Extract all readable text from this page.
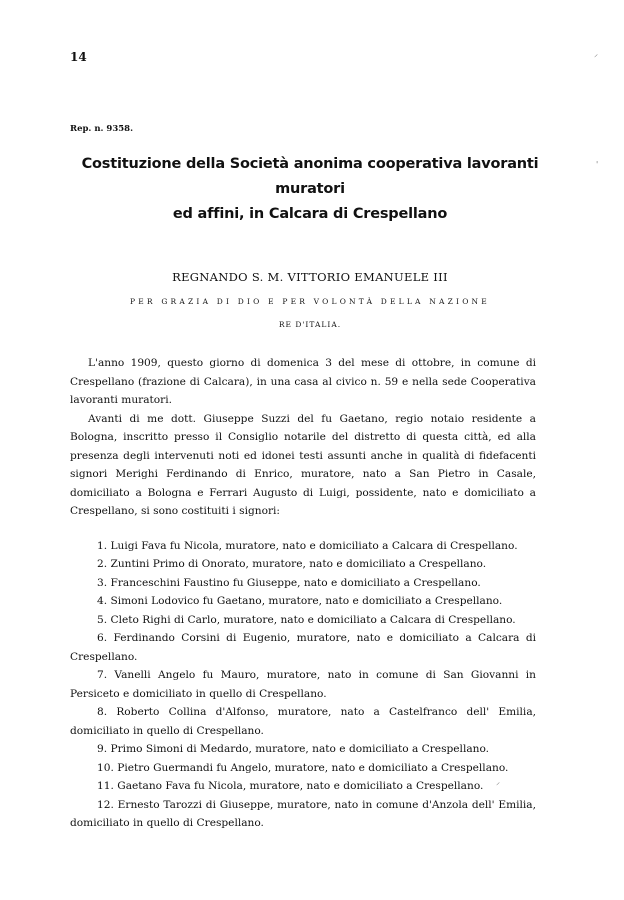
14
Rep. n. 9358.
Costituzione della Società anonima cooperativa lavoranti muratori
ed affini, in Calcara di Crespellano
REGNANDO S. M. VITTORIO EMANUELE III
PER GRAZIA DI DIO E PER VOLONTÀ DELLA NAZIONE
RE D'ITALIA.

L'anno 1909, questo giorno di domenica 3 del mese di ottobre, in comune di Crespellano (frazione di Calcara), in una casa al civico n. 59 e nella sede Cooperativa lavoranti muratori.

Avanti di me dott. Giuseppe Suzzi del fu Gaetano, regio notaio residente a Bologna, inscritto presso il Consiglio notarile del distretto di questa città, ed alla presenza degli intervenuti noti ed idonei testi assunti anche in qualità di fidefacenti signori Merighi Ferdinando di Enrico, muratore, nato a San Pietro in Casale, domiciliato a Bologna e Ferrari Augusto di Luigi, possidente, nato e domiciliato a Crespellano, si sono costituiti i signori:

1. Luigi Fava fu Nicola, muratore, nato e domiciliato a Calcara di Crespellano.
2. Zuntini Primo di Onorato, muratore, nato e domiciliato a Crespellano.
3. Franceschini Faustino fu Giuseppe, nato e domiciliato a Crespellano.
4. Simoni Lodovico fu Gaetano, muratore, nato e domiciliato a Crespellano.
5. Cleto Righi di Carlo, muratore, nato e domiciliato a Calcara di Crespellano.
6. Ferdinando Corsini di Eugenio, muratore, nato e domiciliato a Calcara di Crespellano.
7. Vanelli Angelo fu Mauro, muratore, nato in comune di San Giovanni in Persiceto e domiciliato in quello di Crespellano.
8. Roberto Collina d'Alfonso, muratore, nato a Castelfranco dell' Emilia, domiciliato in quello di Crespellano.
9. Primo Simoni di Medardo, muratore, nato e domiciliato a Crespellano.
10. Pietro Guermandi fu Angelo, muratore, nato e domiciliato a Crespellano.
11. Gaetano Fava fu Nicola, muratore, nato e domiciliato a Crespellano.
12. Ernesto Tarozzi di Giuseppe, muratore, nato in comune d'Anzola dell' Emilia, domiciliato in quello di Crespellano.
⸍
'
⸍
